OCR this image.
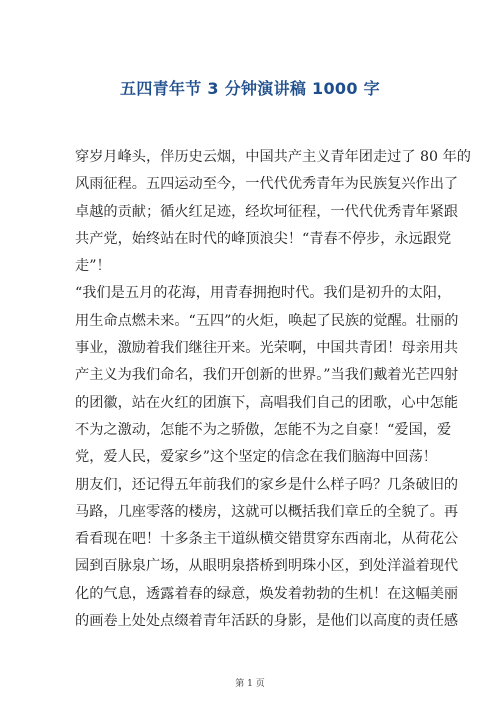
五四青年节 3 分钟演讲稿 1000 字
穿岁月峰头，伴历史云烟，中国共产主义青年团走过了 80 年的
风雨征程。五四运动至今，一代代优秀青年为民族复兴作出了
卓越的贡献；循火红足迹，经坎坷征程，一代代优秀青年紧跟
共产党，始终站在时代的峰顶浪尖！“青春不停步，永远跟党
走”！
“我们是五月的花海，用青春拥抱时代。我们是初升的太阳，
用生命点燃未来。“五四”的火炬，唤起了民族的觉醒。壮丽的
事业，激励着我们继往开来。光荣啊，中国共青团！母亲用共
产主义为我们命名，我们开创新的世界。”当我们戴着光芒四射
的团徽，站在火红的团旗下，高唱我们自己的团歌，心中怎能
不为之激动，怎能不为之骄傲，怎能不为之自豪！“爱国，爱
党，爱人民，爱家乡”这个坚定的信念在我们脑海中回荡！
朋友们，还记得五年前我们的家乡是什么样子吗？几条破旧的
马路，几座零落的楼房，这就可以概括我们章丘的全貌了。再
看看现在吧！十多条主干道纵横交错贯穿东西南北，从荷花公
园到百脉泉广场，从眼明泉搭桥到明珠小区，到处洋溢着现代
化的气息，透露着春的绿意，焕发着勃勃的生机！在这幅美丽
的画卷上处处点缀着青年活跃的身影，是他们以高度的责任感
第 1 页
